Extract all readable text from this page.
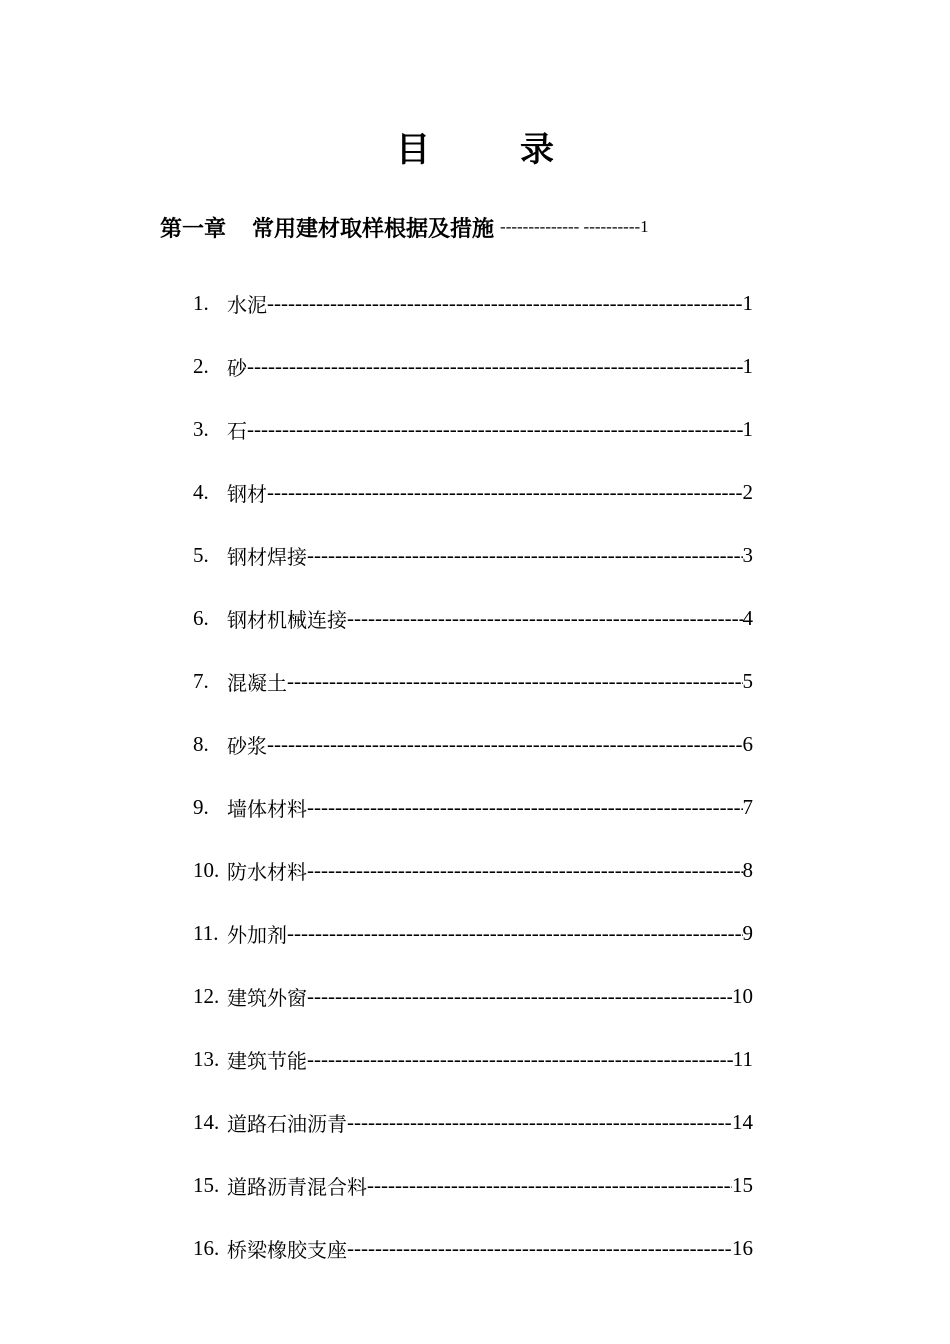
目　录
第一章 常用建材取样根据及措施 -------------- ---------- 1
1. 水泥 -----	1
2. 砂 -----	1
3. 石 -----	1
4. 钢材 -----	2
5. 钢材焊接 -----	3
6. 钢材机械连接 -----	4
7. 混凝土 -----	5
8. 砂浆 -----	6
9. 墙体材料 -----	7
10. 防水材料 -----	8
11. 外加剂 -----	9
12. 建筑外窗 -----	10
13. 建筑节能 -----	11
14. 道路石油沥青 -----	14
15. 道路沥青混合料 -----	15
16. 桥梁橡胶支座 -----	16
